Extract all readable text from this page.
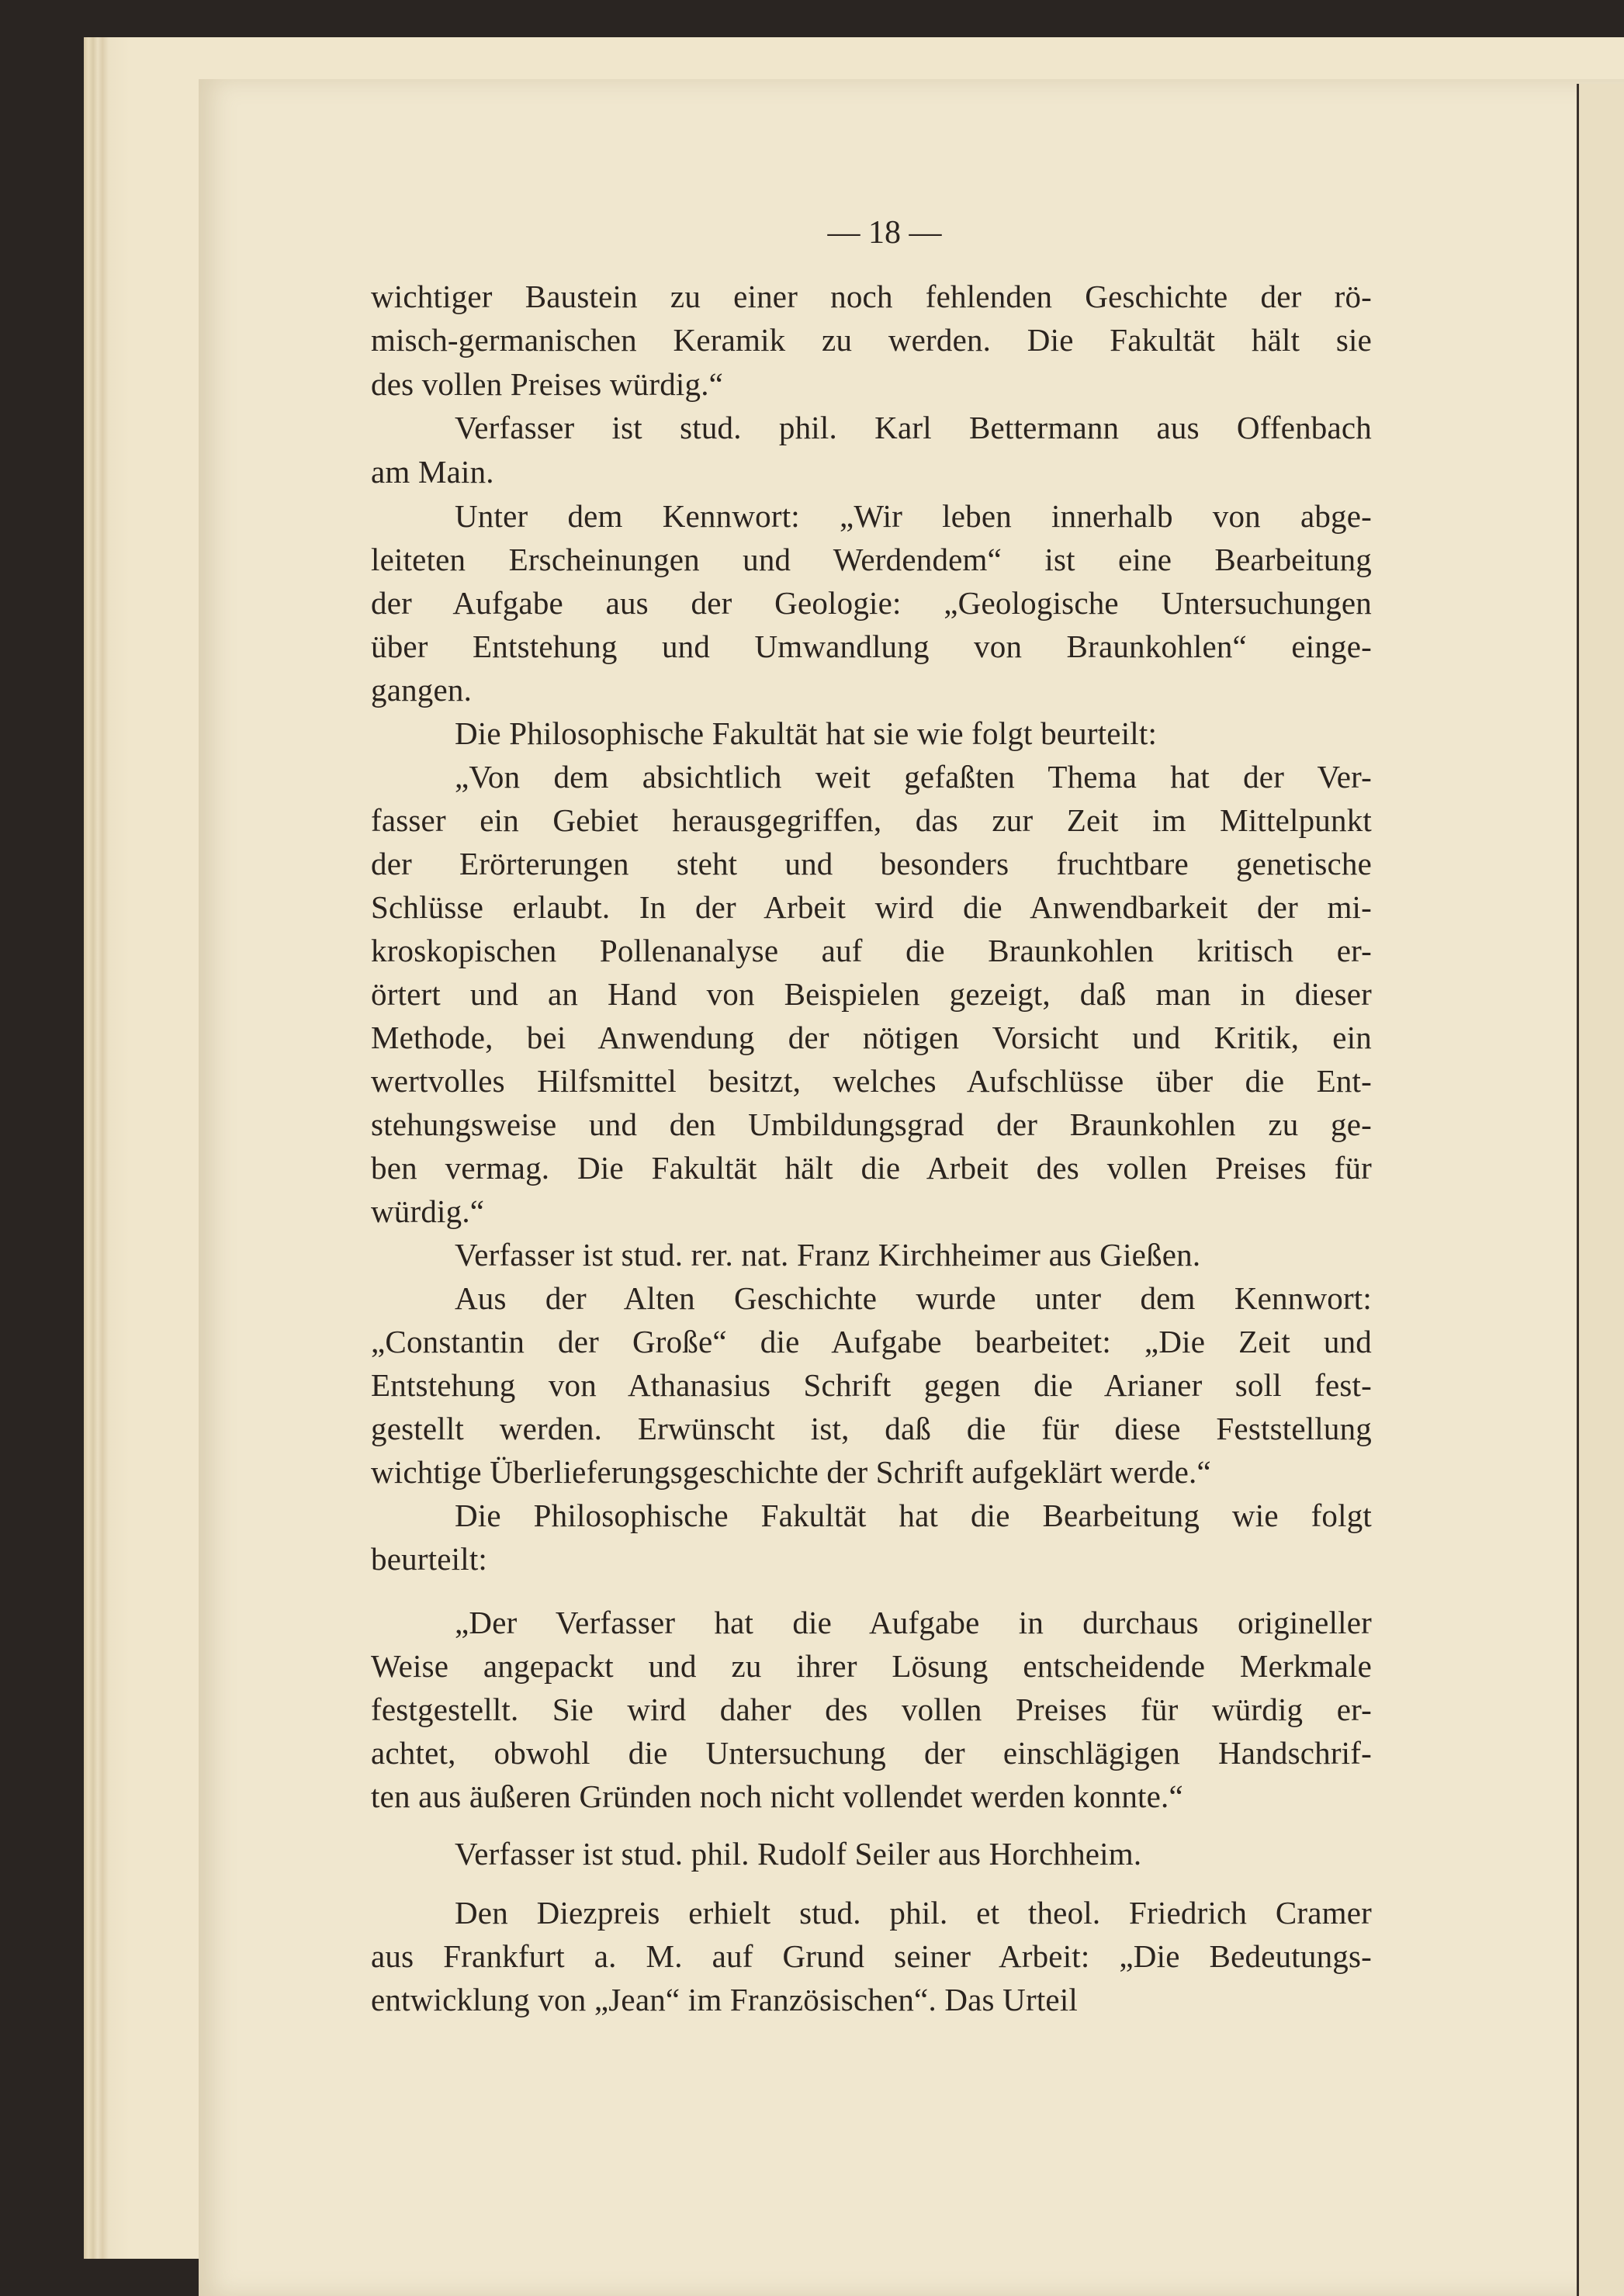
— 18 —
wichtiger Baustein zu einer noch fehlenden Geschichte der rö-
misch-germanischen Keramik zu werden. Die Fakultät hält sie
des vollen Preises würdig.“
Verfasser ist stud. phil. Karl Bettermann aus Offenbach
am Main.
Unter dem Kennwort: „Wir leben innerhalb von abge-
leiteten Erscheinungen und Werdendem“ ist eine Bearbeitung
der Aufgabe aus der Geologie: „Geologische Untersuchungen
über Entstehung und Umwandlung von Braunkohlen“ einge-
gangen.
Die Philosophische Fakultät hat sie wie folgt beurteilt:
„Von dem absichtlich weit gefaßten Thema hat der Ver-
fasser ein Gebiet herausgegriffen, das zur Zeit im Mittelpunkt
der Erörterungen steht und besonders fruchtbare genetische
Schlüsse erlaubt. In der Arbeit wird die Anwendbarkeit der mi-
kroskopischen Pollenanalyse auf die Braunkohlen kritisch er-
örtert und an Hand von Beispielen gezeigt, daß man in dieser
Methode, bei Anwendung der nötigen Vorsicht und Kritik, ein
wertvolles Hilfsmittel besitzt, welches Aufschlüsse über die Ent-
stehungsweise und den Umbildungsgrad der Braunkohlen zu ge-
ben vermag. Die Fakultät hält die Arbeit des vollen Preises für
würdig.“
Verfasser ist stud. rer. nat. Franz Kirchheimer aus Gießen.
Aus der Alten Geschichte wurde unter dem Kennwort:
„Constantin der Große“ die Aufgabe bearbeitet: „Die Zeit und
Entstehung von Athanasius Schrift gegen die Arianer soll fest-
gestellt werden. Erwünscht ist, daß die für diese Feststellung
wichtige Überlieferungsgeschichte der Schrift aufgeklärt werde.“
Die Philosophische Fakultät hat die Bearbeitung wie folgt
beurteilt:
„Der Verfasser hat die Aufgabe in durchaus origineller
Weise angepackt und zu ihrer Lösung entscheidende Merkmale
festgestellt. Sie wird daher des vollen Preises für würdig er-
achtet, obwohl die Untersuchung der einschlägigen Handschrif-
ten aus äußeren Gründen noch nicht vollendet werden konnte.“
Verfasser ist stud. phil. Rudolf Seiler aus Horchheim.
Den Diezpreis erhielt stud. phil. et theol. Friedrich Cramer
aus Frankfurt a. M. auf Grund seiner Arbeit: „Die Bedeutungs-
entwicklung von „Jean“ im Französischen“. Das Urteil
